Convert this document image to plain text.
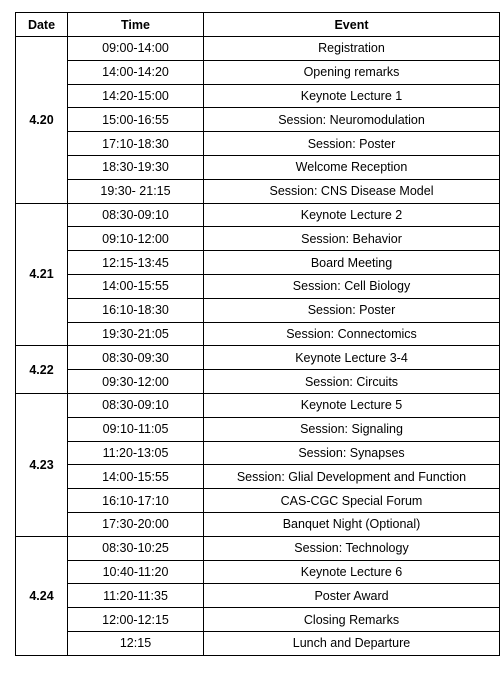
Date	Time	Event
4.20	09:00-14:00	Registration
	14:00-14:20	Opening remarks
	14:20-15:00	Keynote Lecture 1
	15:00-16:55	Session: Neuromodulation
	17:10-18:30	Session: Poster
	18:30-19:30	Welcome Reception
	19:30- 21:15	Session: CNS Disease Model
4.21	08:30-09:10	Keynote Lecture 2
	09:10-12:00	Session: Behavior
	12:15-13:45	Board Meeting
	14:00-15:55	Session: Cell Biology
	16:10-18:30	Session: Poster
	19:30-21:05	Session: Connectomics
4.22	08:30-09:30	Keynote Lecture 3-4
	09:30-12:00	Session: Circuits
4.23	08:30-09:10	Keynote Lecture 5
	09:10-11:05	Session: Signaling
	11:20-13:05	Session: Synapses
	14:00-15:55	Session: Glial Development and Function
	16:10-17:10	CAS-CGC Special Forum
	17:30-20:00	Banquet Night (Optional)
4.24	08:30-10:25	Session: Technology
	10:40-11:20	Keynote Lecture 6
	11:20-11:35	Poster Award
	12:00-12:15	Closing Remarks
	12:15	Lunch and Departure
